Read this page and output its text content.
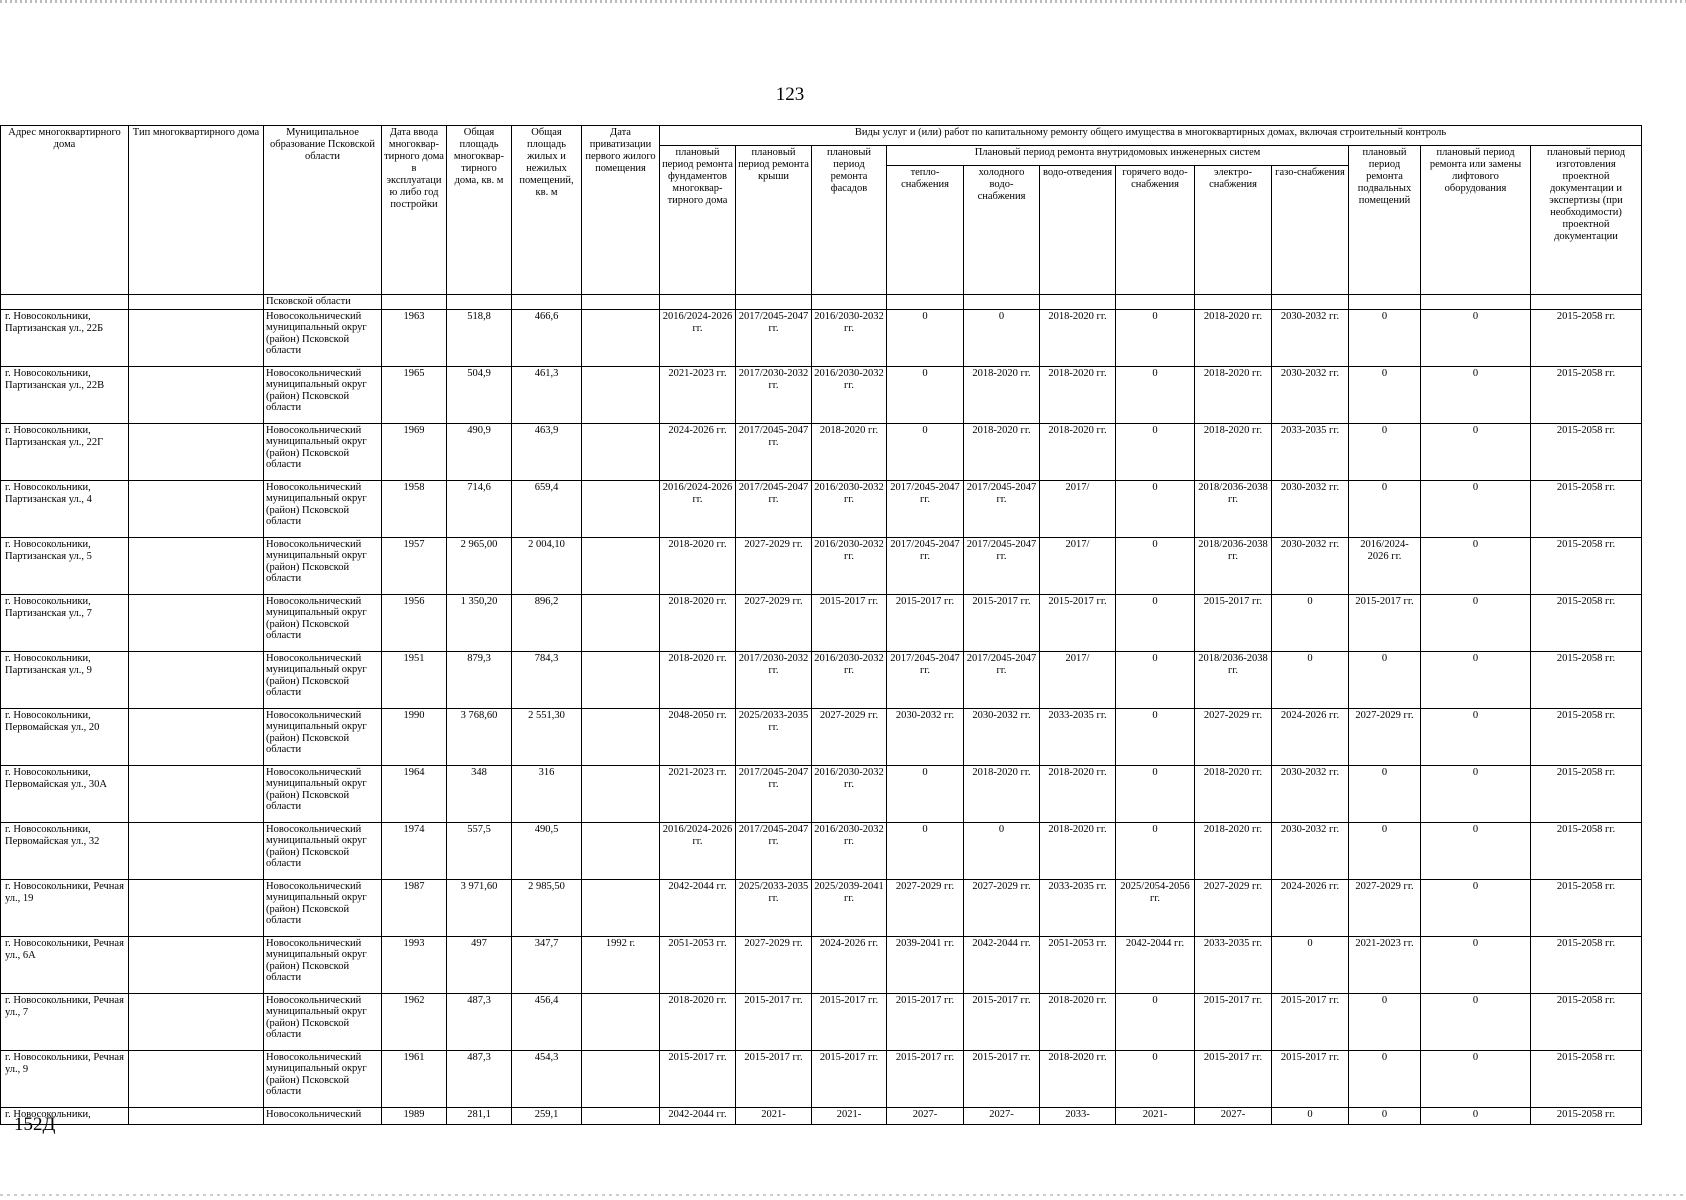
123
Адрес многоквартирного дома	Тип многоквартирного дома	Муниципальное образование Псковской области	Дата ввода многоквар-тирного дома в эксплуатацию либо год постройки	Общая площадь многоквар-тирного дома, кв. м	Общая площадь жилых и нежилых помещений, кв. м	Дата приватизации первого жилого помещения	Виды услуг и (или) работ по капитальному ремонту общего имущества в многоквартирных домах, включая строительный контроль											
							плановый период ремонта фундаментов многоквар-тирного дома	плановый период ремонта крыши	плановый период ремонта фасадов	Плановый период ремонта внутридомовых инженерных систем						плановый период ремонта подвальных помещений	плановый период ремонта или замены лифтового оборудования	плановый период изготовления проектной документации и экспертизы (при необходимости) проектной документации
										тепло-снабжения	холодного водо-снабжения	водо-отведения	горячего водо-снабжения	электро-снабжения	газо-снабжения			
		Псковской области																
г. Новосокольники, Партизанская ул., 22Б		Новосокольнический муниципальный округ (район) Псковской области	1963	518,8	466,6		2016/2024-2026 гг.	2017/2045-2047 гг.	2016/2030-2032 гг.	0	0	2018-2020 гг.	0	2018-2020 гг.	2030-2032 гг.	0	0	2015-2058 гг.
г. Новосокольники, Партизанская ул., 22В		Новосокольнический муниципальный округ (район) Псковской области	1965	504,9	461,3		2021-2023 гг.	2017/2030-2032 гг.	2016/2030-2032 гг.	0	2018-2020 гг.	2018-2020 гг.	0	2018-2020 гг.	2030-2032 гг.	0	0	2015-2058 гг.
г. Новосокольники, Партизанская ул., 22Г		Новосокольнический муниципальный округ (район) Псковской области	1969	490,9	463,9		2024-2026 гг.	2017/2045-2047 гг.	2018-2020 гг.	0	2018-2020 гг.	2018-2020 гг.	0	2018-2020 гг.	2033-2035 гг.	0	0	2015-2058 гг.
г. Новосокольники, Партизанская ул., 4		Новосокольнический муниципальный округ (район) Псковской области	1958	714,6	659,4		2016/2024-2026 гг.	2017/2045-2047 гг.	2016/2030-2032 гг.	2017/2045-2047 гг.	2017/2045-2047 гг.	2017/	0	2018/2036-2038 гг.	2030-2032 гг.	0	0	2015-2058 гг.
г. Новосокольники, Партизанская ул., 5		Новосокольнический муниципальный округ (район) Псковской области	1957	2 965,00	2 004,10		2018-2020 гг.	2027-2029 гг.	2016/2030-2032 гг.	2017/2045-2047 гг.	2017/2045-2047 гг.	2017/	0	2018/2036-2038 гг.	2030-2032 гг.	2016/2024-2026 гг.	0	2015-2058 гг.
г. Новосокольники, Партизанская ул., 7		Новосокольнический муниципальный округ (район) Псковской области	1956	1 350,20	896,2		2018-2020 гг.	2027-2029 гг.	2015-2017 гг.	2015-2017 гг.	2015-2017 гг.	2015-2017 гг.	0	2015-2017 гг.	0	2015-2017 гг.	0	2015-2058 гг.
г. Новосокольники, Партизанская ул., 9		Новосокольнический муниципальный округ (район) Псковской области	1951	879,3	784,3		2018-2020 гг.	2017/2030-2032 гг.	2016/2030-2032 гг.	2017/2045-2047 гг.	2017/2045-2047 гг.	2017/	0	2018/2036-2038 гг.	0	0	0	2015-2058 гг.
г. Новосокольники, Первомайская ул., 20		Новосокольнический муниципальный округ (район) Псковской области	1990	3 768,60	2 551,30		2048-2050 гг.	2025/2033-2035 гг.	2027-2029 гг.	2030-2032 гг.	2030-2032 гг.	2033-2035 гг.	0	2027-2029 гг.	2024-2026 гг.	2027-2029 гг.	0	2015-2058 гг.
г. Новосокольники, Первомайская ул., 30А		Новосокольнический муниципальный округ (район) Псковской области	1964	348	316		2021-2023 гг.	2017/2045-2047 гг.	2016/2030-2032 гг.	0	2018-2020 гг.	2018-2020 гг.	0	2018-2020 гг.	2030-2032 гг.	0	0	2015-2058 гг.
г. Новосокольники, Первомайская ул., 32		Новосокольнический муниципальный округ (район) Псковской области	1974	557,5	490,5		2016/2024-2026 гг.	2017/2045-2047 гг.	2016/2030-2032 гг.	0	0	2018-2020 гг.	0	2018-2020 гг.	2030-2032 гг.	0	0	2015-2058 гг.
г. Новосокольники, Речная ул., 19		Новосокольнический муниципальный округ (район) Псковской области	1987	3 971,60	2 985,50		2042-2044 гг.	2025/2033-2035 гг.	2025/2039-2041 гг.	2027-2029 гг.	2027-2029 гг.	2033-2035 гг.	2025/2054-2056 гг.	2027-2029 гг.	2024-2026 гг.	2027-2029 гг.	0	2015-2058 гг.
г. Новосокольники, Речная ул., 6А		Новосокольнический муниципальный округ (район) Псковской области	1993	497	347,7	1992 г.	2051-2053 гг.	2027-2029 гг.	2024-2026 гг.	2039-2041 гг.	2042-2044 гг.	2051-2053 гг.	2042-2044 гг.	2033-2035 гг.	0	2021-2023 гг.	0	2015-2058 гг.
г. Новосокольники, Речная ул., 7		Новосокольнический муниципальный округ (район) Псковской области	1962	487,3	456,4		2018-2020 гг.	2015-2017 гг.	2015-2017 гг.	2015-2017 гг.	2015-2017 гг.	2018-2020 гг.	0	2015-2017 гг.	2015-2017 гг.	0	0	2015-2058 гг.
г. Новосокольники, Речная ул., 9		Новосокольнический муниципальный округ (район) Псковской области	1961	487,3	454,3		2015-2017 гг.	2015-2017 гг.	2015-2017 гг.	2015-2017 гг.	2015-2017 гг.	2018-2020 гг.	0	2015-2017 гг.	2015-2017 гг.	0	0	2015-2058 гг.
г. Новосокольники,		Новосокольнический	1989	281,1	259,1		2042-2044 гг.	2021-	2021-	2027-	2027-	2033-	2021-	2027-	0	0	0	2015-2058 гг.
152Д
